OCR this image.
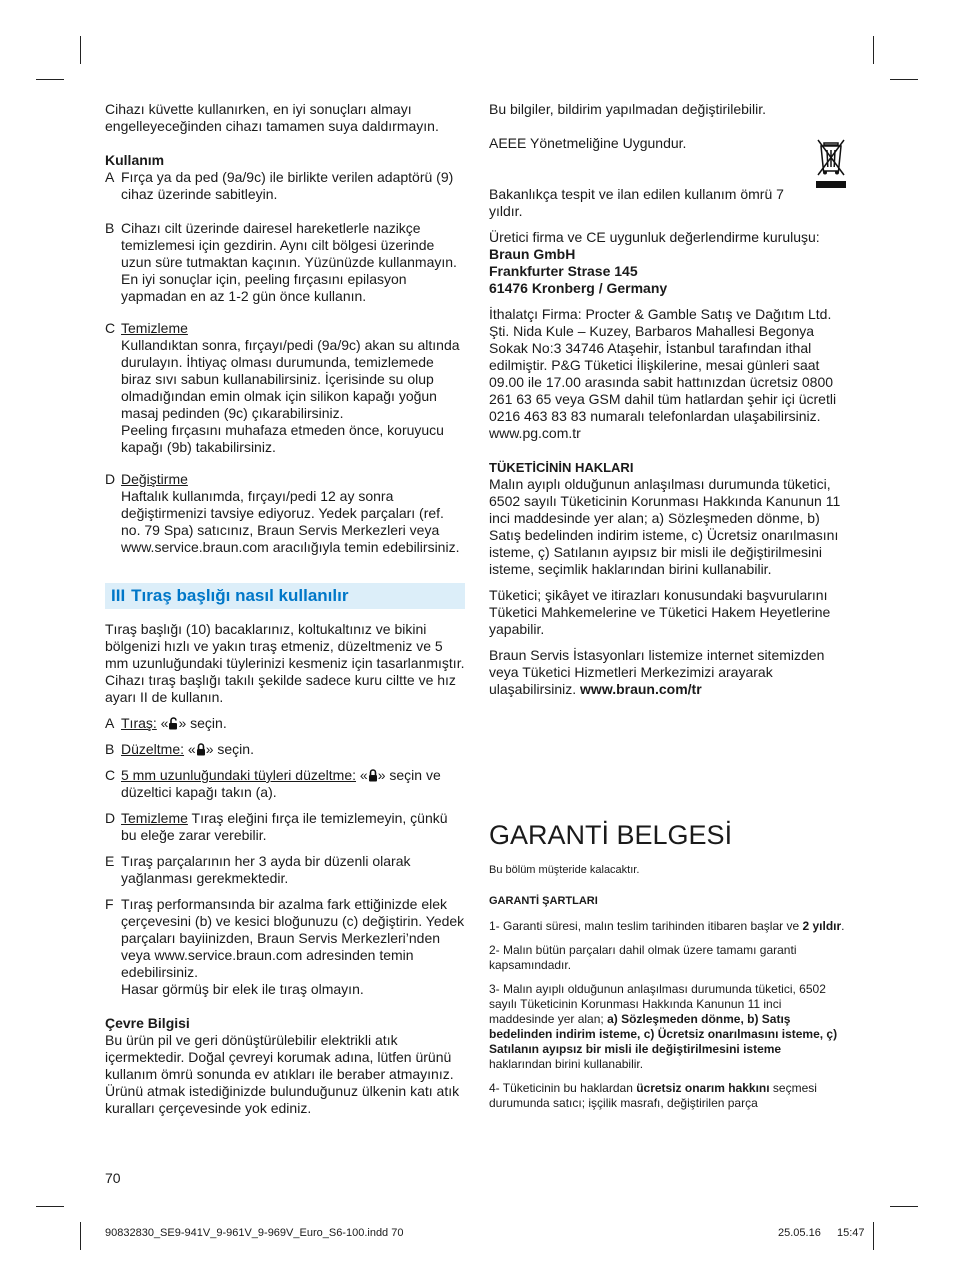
Cihazı küvette kullanırken, en iyi sonuçları almayı engelleyeceğinden cihazı tamamen suya daldırmayın.

Kullanım

A Fırça ya da ped (9a/9c) ile birlikte verilen adaptörü (9) cihaz üzerinde sabitleyin.

B Cihazı cilt üzerinde dairesel hareketlerle nazikçe temizlemesi için gezdirin. Aynı cilt bölgesi üzerinde uzun süre tutmaktan kaçının. Yüzünüzde kullanmayın. En iyi sonuçlar için, peeling fırçasını epilasyon yapmadan en az 1-2 gün önce kullanın.

C Temizleme

Kullandıktan sonra, fırçayı/pedi (9a/9c) akan su altında durulayın. İhtiyaç olması durumunda, temizlemede biraz sıvı sabun kullanabilirsiniz. İçerisinde su olup olmadığından emin olmak için silikon kapağı yoğun masaj pedinden (9c) çıkarabilirsiniz.

Peeling fırçasını muhafaza etmeden önce, koruyucu kapağı (9b) takabilirsiniz.

D Değiştirme

Haftalık kullanımda, fırçayı/pedi 12 ay sonra değiştirmenizi tavsiye ediyoruz. Yedek parçaları (ref. no. 79 Spa) satıcınız, Braun Servis Merkezleri veya www.service.braun.com aracılığıyla temin edebilirsiniz.

III Tıraş başlığı nasıl kullanılır

Tıraş başlığı (10) bacaklarınız, koltukaltınız ve bikini bölgenizi hızlı ve yakın tıraş etmeniz, düzeltmeniz ve 5 mm uzunluğundaki tüylerinizi kesmeniz için tasarlanmıştır. Cihazı tıraş başlığı takılı şekilde sadece kuru ciltte ve hız ayarı II de kullanın.

A Tıraş: « » seçin.

B Düzeltme: « » seçin.

C 5 mm uzunluğundaki tüyleri düzeltme: « » seçin ve düzeltici kapağı takın (a).

D Temizleme Tıraş eleğini fırça ile temizlemeyin, çünkü bu eleğe zarar verebilir.

E Tıraş parçalarının her 3 ayda bir düzenli olarak yağlanması gerekmektedir.

F Tıraş performansında bir azalma fark ettiğinizde elek çerçevesini (b) ve kesici bloğunuzu (c) değiştirin. Yedek parçaları bayiinizden, Braun Servis Merkezleri’nden veya www.service.braun.com adresinden temin edebilirsiniz.

Hasar görmüş bir elek ile tıraş olmayın.

Çevre Bilgisi

Bu ürün pil ve geri dönüştürülebilir elektrikli atık içermektedir. Doğal çevreyi korumak adına, lütfen ürünü kullanım ömrü sonunda ev atıkları ile beraber atmayınız. Ürünü atmak istediğinizde bulunduğunuz ülkenin katı atık kuralları çerçevesinde yok ediniz.

Bu bilgiler, bildirim yapılmadan değiştirilebilir.

AEEE Yönetmeliğine Uygundur.

Bakanlıkça tespit ve ilan edilen kullanım ömrü 7 yıldır.

Üretici firma ve CE uygunluk değerlendirme kuruluşu:

Braun GmbH

Frankfurter Strase 145

61476 Kronberg / Germany

İthalatçı Firma: Procter & Gamble Satış ve Dağıtım Ltd. Şti. Nida Kule – Kuzey, Barbaros Mahallesi Begonya Sokak No:3 34746 Ataşehir, İstanbul tarafından ithal edilmiştir. P&G Tüketici İlişkilerine, mesai günleri saat 09.00 ile 17.00 arasında sabit hattınızdan ücretsiz 0800 261 63 65 veya GSM dahil tüm hatlardan şehir içi ücretli 0216 463 83 83 numaralı telefonlardan ulaşabilirsiniz. www.pg.com.tr

TÜKETİCİNİN HAKLARI

Malın ayıplı olduğunun anlaşılması durumunda tüketici, 6502 sayılı Tüketicinin Korunması Hakkında Kanunun 11 inci maddesinde yer alan; a) Sözleşmeden dönme, b) Satış bedelinden indirim isteme, c) Ücretsiz onarılmasını isteme, ç) Satılanın ayıpsız bir misli ile değiştirilmesini isteme, seçimlik haklarından birini kullanabilir.

Tüketici; şikâyet ve itirazları konusundaki başvurularını Tüketici Mahkemelerine ve Tüketici Hakem Heyetlerine yapabilir.

Braun Servis İstasyonları listemize internet sitemizden veya Tüketici Hizmetleri Merkezimizi arayarak ulaşabilirsiniz. www.braun.com/tr

GARANTİ BELGESİ

Bu bölüm müşteride kalacaktır.

GARANTİ ŞARTLARI

1- Garanti süresi, malın teslim tarihinden itibaren başlar ve 2 yıldır.

2- Malın bütün parçaları dahil olmak üzere tamamı garanti kapsamındadır.

3- Malın ayıplı olduğunun anlaşılması durumunda tüketici, 6502 sayılı Tüketicinin Korunması Hakkında Kanunun 11 inci maddesinde yer alan; a) Sözleşmeden dönme, b) Satış bedelinden indirim isteme, c) Ücretsiz onarılmasını isteme, ç) Satılanın ayıpsız bir misli ile değiştirilmesini isteme haklarından birini kullanabilir.

4- Tüketicinin bu haklardan ücretsiz onarım hakkını seçmesi durumunda satıcı; işçilik masrafı, değiştirilen parça

70
90832830_SE9-941V_9-961V_9-969V_Euro_S6-100.indd 70	25.05.16 15:47
